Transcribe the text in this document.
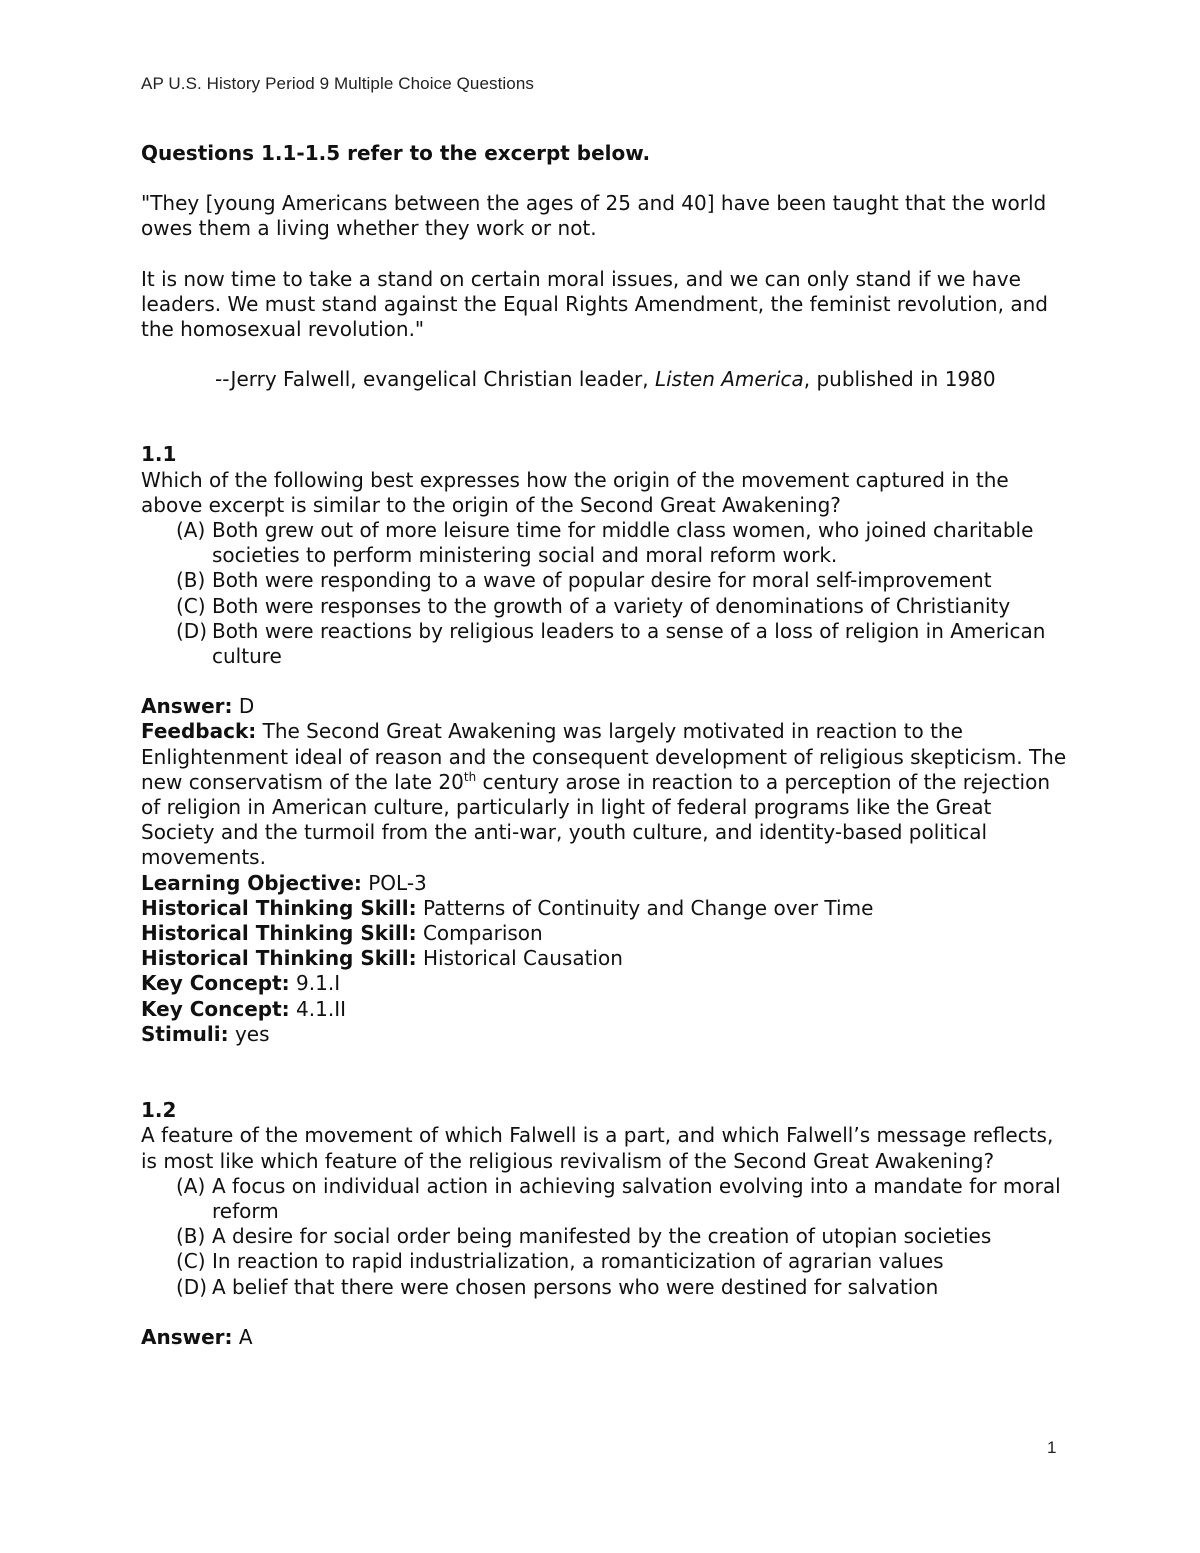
AP U.S. History Period 9 Multiple Choice Questions

Questions 1.1-1.5 refer to the excerpt below.

"They [young Americans between the ages of 25 and 40] have been taught that the world owes them a living whether they work or not.

It is now time to take a stand on certain moral issues, and we can only stand if we have leaders. We must stand against the Equal Rights Amendment, the feminist revolution, and the homosexual revolution."

--Jerry Falwell, evangelical Christian leader, Listen America, published in 1980

1.1

Which of the following best expresses how the origin of the movement captured in the above excerpt is similar to the origin of the Second Great Awakening?

(A) Both grew out of more leisure time for middle class women, who joined charitable societies to perform ministering social and moral reform work.
(B) Both were responding to a wave of popular desire for moral self-improvement
(C) Both were responses to the growth of a variety of denominations of Christianity
(D) Both were reactions by religious leaders to a sense of a loss of religion in American culture

Answer: D

Feedback: The Second Great Awakening was largely motivated in reaction to the Enlightenment ideal of reason and the consequent development of religious skepticism. The new conservatism of the late 20th century arose in reaction to a perception of the rejection of religion in American culture, particularly in light of federal programs like the Great Society and the turmoil from the anti-war, youth culture, and identity-based political movements.

Learning Objective: POL-3

Historical Thinking Skill: Patterns of Continuity and Change over Time

Historical Thinking Skill: Comparison

Historical Thinking Skill: Historical Causation

Key Concept: 9.1.I

Key Concept: 4.1.II

Stimuli: yes

1.2

A feature of the movement of which Falwell is a part, and which Falwell’s message reflects, is most like which feature of the religious revivalism of the Second Great Awakening?

(A) A focus on individual action in achieving salvation evolving into a mandate for moral reform
(B) A desire for social order being manifested by the creation of utopian societies
(C) In reaction to rapid industrialization, a romanticization of agrarian values
(D) A belief that there were chosen persons who were destined for salvation

Answer: A

1
